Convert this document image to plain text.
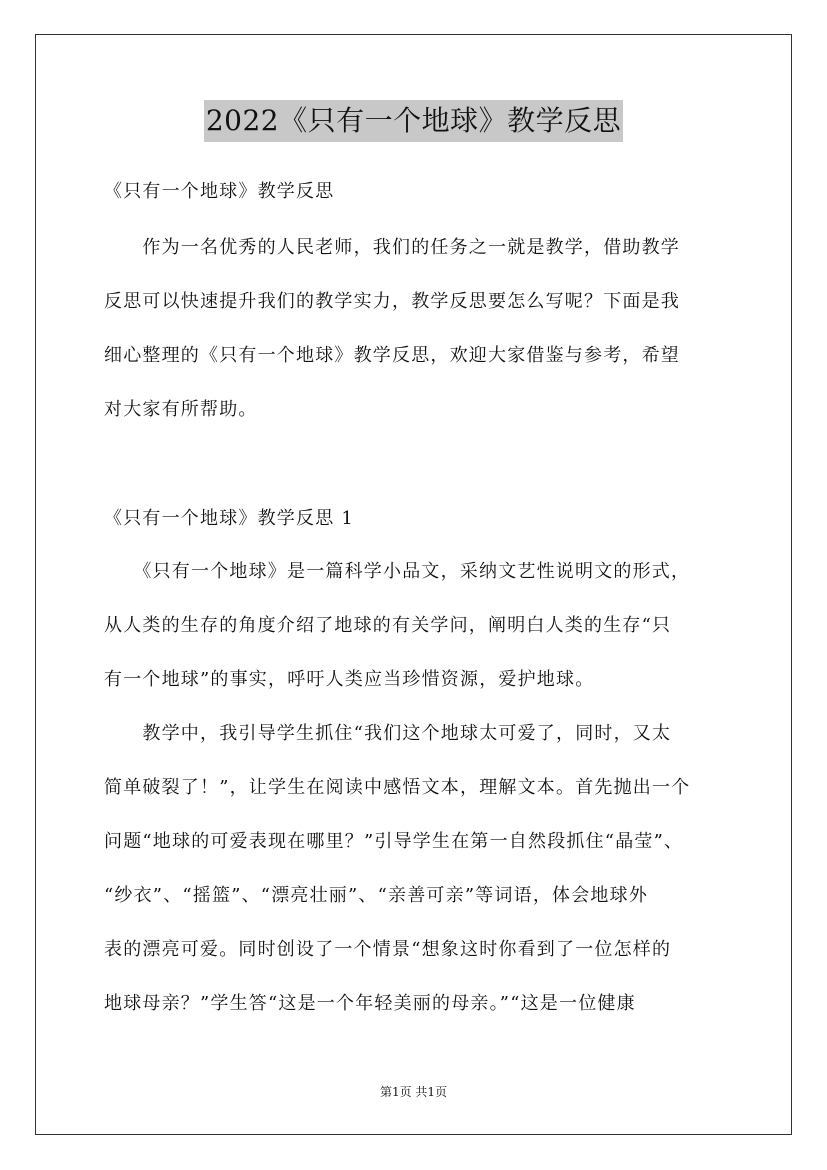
2022《只有一个地球》教学反思
《只有一个地球》教学反思
　　作为一名优秀的人民老师，我们的任务之一就是教学，借助教学
反思可以快速提升我们的教学实力，教学反思要怎么写呢？下面是我
细心整理的《只有一个地球》教学反思，欢迎大家借鉴与参考，希望
对大家有所帮助。
《只有一个地球》教学反思 1
　　《只有一个地球》是一篇科学小品文，采纳文艺性说明文的形式，
从人类的生存的角度介绍了地球的有关学问，阐明白人类的生存“只
有一个地球”的事实，呼吁人类应当珍惜资源，爱护地球。
　　教学中，我引导学生抓住“我们这个地球太可爱了，同时，又太
简单破裂了！”，让学生在阅读中感悟文本，理解文本。首先抛出一个
问题“地球的可爱表现在哪里？”引导学生在第一自然段抓住“晶莹”、
“纱衣”、“摇篮”、“漂亮壮丽”、“亲善可亲”等词语，体会地球外
表的漂亮可爱。同时创设了一个情景“想象这时你看到了一位怎样的
地球母亲？”学生答“这是一个年轻美丽的母亲。”“这是一位健康
第1页 共1页
